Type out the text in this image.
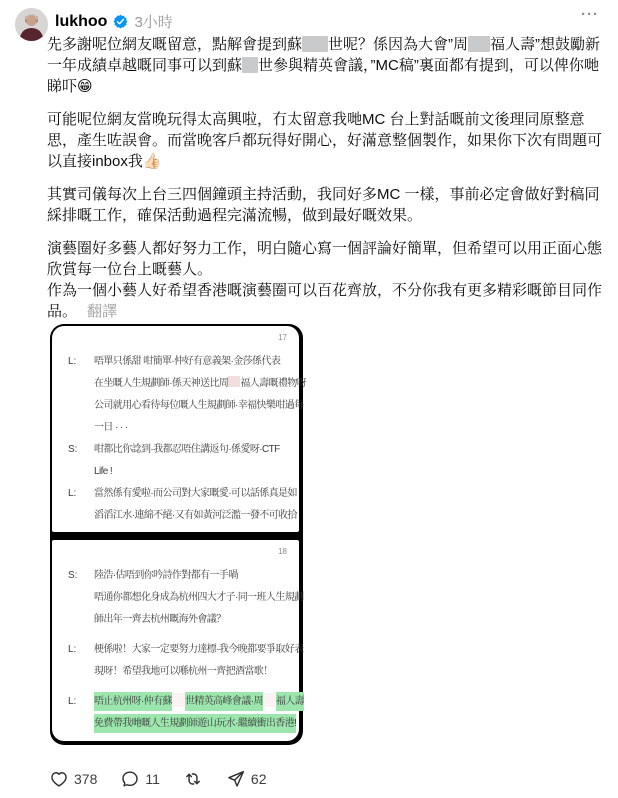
lukhoo 3小時	···

先多謝呢位網友嘅留意，點解會提到蘇 世呢？係因為大會”周 福人壽”想鼓勵新一年成績卓越嘅同事可以到蘇 世參與精英會議，”MC稿”裏面都有提到，可以俾你哋睇吓😁

可能呢位網友當晚玩得太高興啦，冇太留意我哋MC 台上對話嘅前文後理同原整意思，產生咗誤會。而當晚客戶都玩得好開心，好滿意整個製作，如果你下次有問題可以直接inbox我👍🏻

其實司儀每次上台三四個鐘頭主持活動，我同好多MC 一樣，事前必定會做好對稿同綵排嘅工作，確保活動過程完滿流暢，做到最好嘅效果。

演藝圈好多藝人都好努力工作，明白隨心寫一個評論好簡單，但希望可以用正面心態欣賞每一位台上嘅藝人。

作為一個小藝人好希望香港嘅演藝圈可以百花齊放，不分你我有更多精彩嘅節目同作品。 翻譯

17
L:	唔單只係甜 咁簡單·仲好有意義架·金莎係代表
在坐嘅人生規劃師·係天神送比周 福人壽嘅禮物呀
公司就用心看待每位嘅人生規劃師·幸福快樂咁過每
一日 · · ·
S:	咁都比你諗到·我都忍唔住講返句·係愛呀·CTF
Life !
L:	當然係有愛啦·而公司對大家嘅愛·可以話係真是如
滔滔江水·連綿不絕·又有如黃河泛濫一發不可收拾
18
S:	陸浩·估唔到你吟詩作對都有一手喎
唔通你都想化身成為杭州四大才子·同一班人生規劃
師出年一齊去杭州嘅海外會議？
L:	梗係啦！大家一定要努力達標·我今晚都要爭取好表
現呀！希望我地可以喺杭州一齊把酒當歌！
L:	唔止杭州呀·仲有蘇 世精英高峰會議·周 福人壽
免費帶我哋嘅人生規劃師遊山玩水·繼續衝出香港!
378	11	62
